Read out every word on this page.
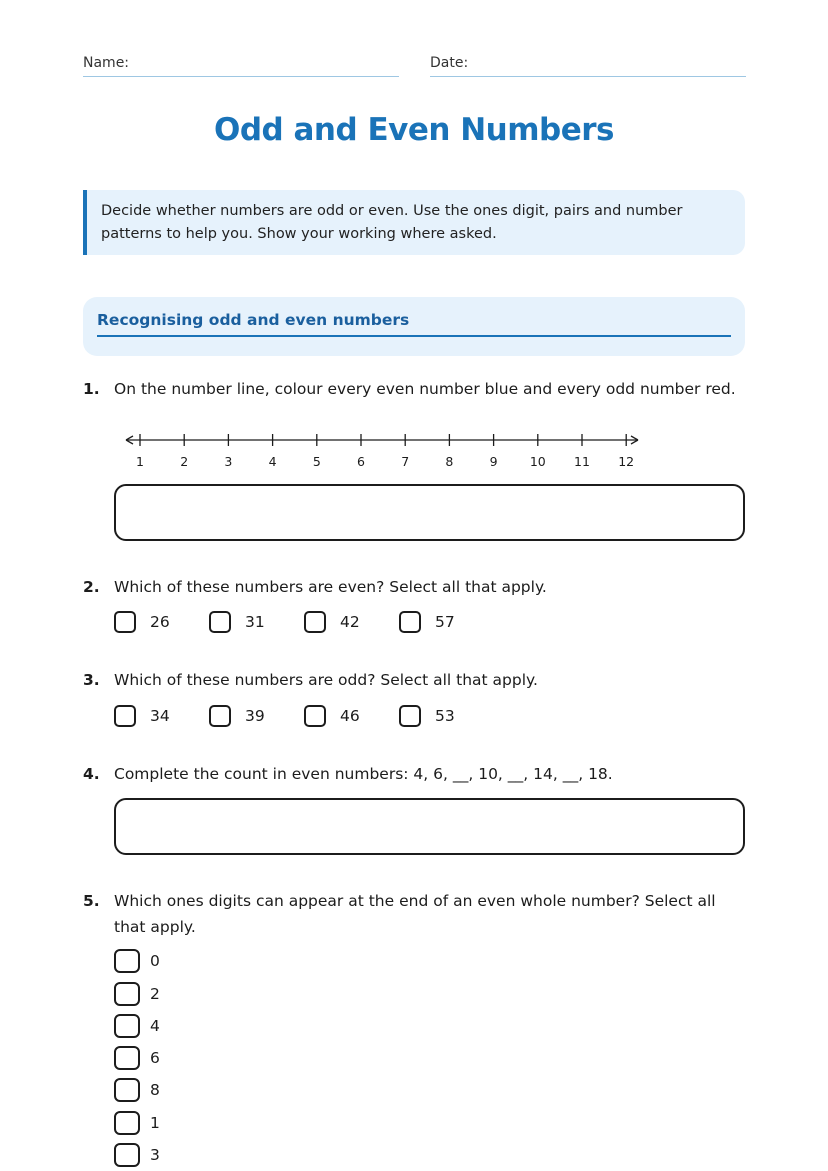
Name:	Date:
Odd and Even Numbers
Decide whether numbers are odd or even. Use the ones digit, pairs and number patterns to help you. Show your working where asked.
Recognising odd and even numbers
1. On the number line, colour every even number blue and every odd number red.
1	2	3	4	5	6	7	8	9	10 11 12
2. Which of these numbers are even? Select all that apply.
26	31	42	57
3. Which of these numbers are odd? Select all that apply.
34	39	46	53
4. Complete the count in even numbers: 4, 6, __, 10, __, 14, __, 18.
5. Which ones digits can appear at the end of an even whole number? Select all that apply.
0
2
4
6
8
1
3
